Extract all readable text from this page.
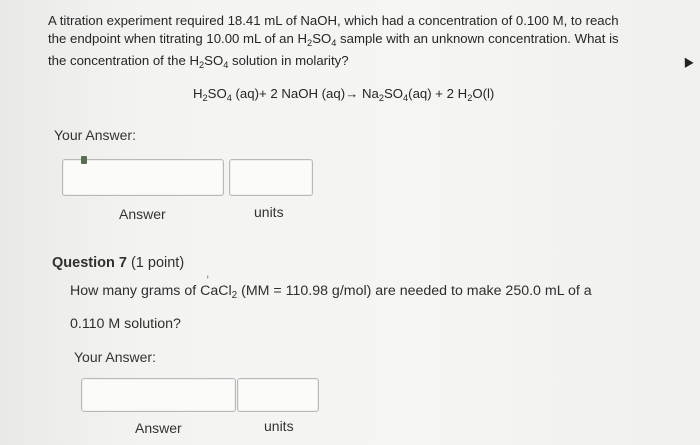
A titration experiment required 18.41 mL of NaOH, which had a concentration of 0.100 M, to reach
the endpoint when titrating 10.00 mL of an $H_2SO_4$ sample with an unknown concentration. What is
the concentration of the $H_2SO_4$ solution in molarity?
$H_2SO_4$ (aq)+ 2 NaOH $(aq)\to Na_2SO_4(aq) + 2$ $H_2O(l)$
Your Answer:
Answer	units
Question 7 (1 point)
,
How many grams of CaCl$_2$ (MM = 110.98 g/mol) are needed to make 250.0 mL of a
0.110 M solution?
Your Answer:
Answer	units
